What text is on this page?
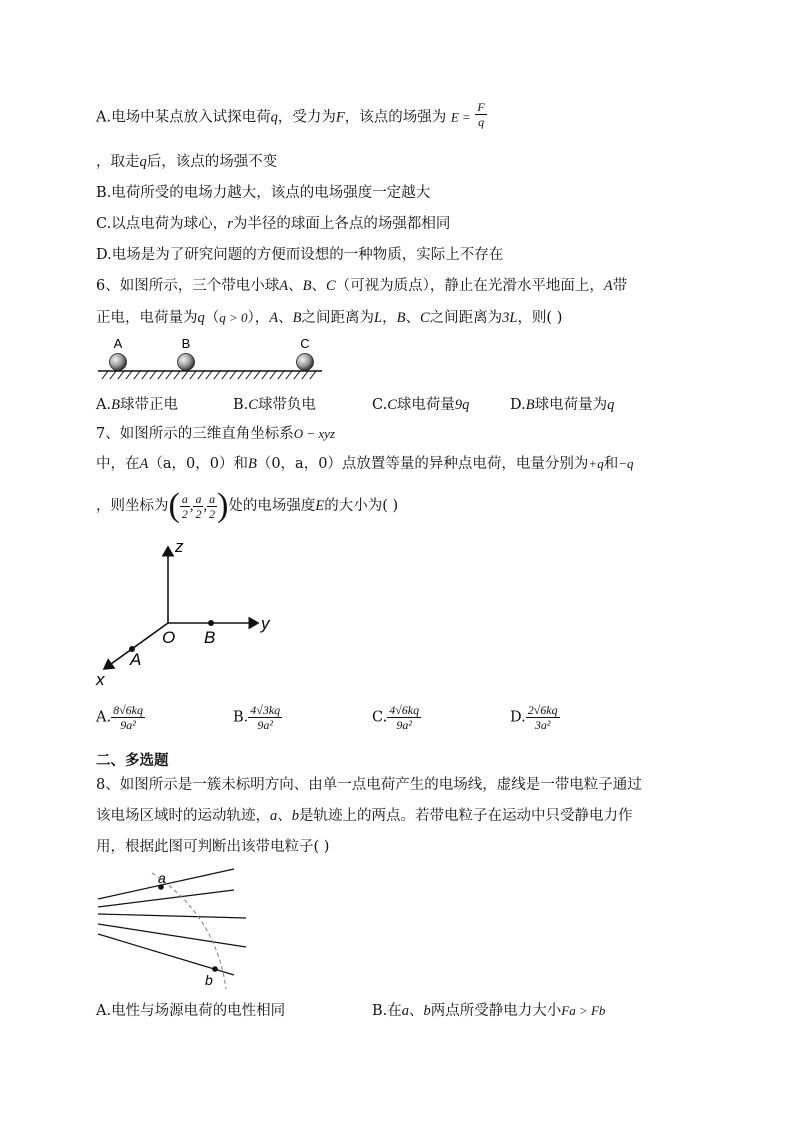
A.电场中某点放入试探电荷q，受力为F，该点的场强为 $E = \frac{F}{q}$
，取走q后，该点的场强不变
B.电荷所受的电场力越大，该点的电场强度一定越大
C.以点电荷为球心，r为半径的球面上各点的场强都相同
D.电场是为了研究问题的方便而设想的一种物质，实际上不存在
6、如图所示，三个带电小球A、B、C（可视为质点），静止在光滑水平地面上，A带
正电，电荷量为q（q > 0），A、B之间距离为L，B、C之间距离为3L，则( )
A	B	C
A.B球带正电	B.C球带负电	C.C球电荷量9q	D.B球电荷量为q
7、如图所示的三维直角坐标系O − xyz
中，在A（a，0，0）和B（0，a，0）点放置等量的异种点电荷，电量分别为+q和−q
，则坐标为( $\frac{a}{2}$ , $\frac{a}{2}$ , $\frac{a}{2}$ )处的电场强度E的大小为( )
z
y
x
O B
A
A. $\frac{8√6kq}{\text{9a²}}$	B. $\frac{4√3kq}{\text{9a²}}$	C. $\frac{4√6kq}{\text{9a²}}$	D. $\frac{2√6kq}{\text{3a²}}$
二、多选题
8、如图所示是一簇未标明方向、由单一点电荷产生的电场线，虚线是一带电粒子通过
该电场区域时的运动轨迹，a、b是轨迹上的两点。若带电粒子在运动中只受静电力作
用，根据此图可判断出该带电粒子( )
a
b
A.电性与场源电荷的电性相同	B.在a、b两点所受静电力大小Fa > Fb
